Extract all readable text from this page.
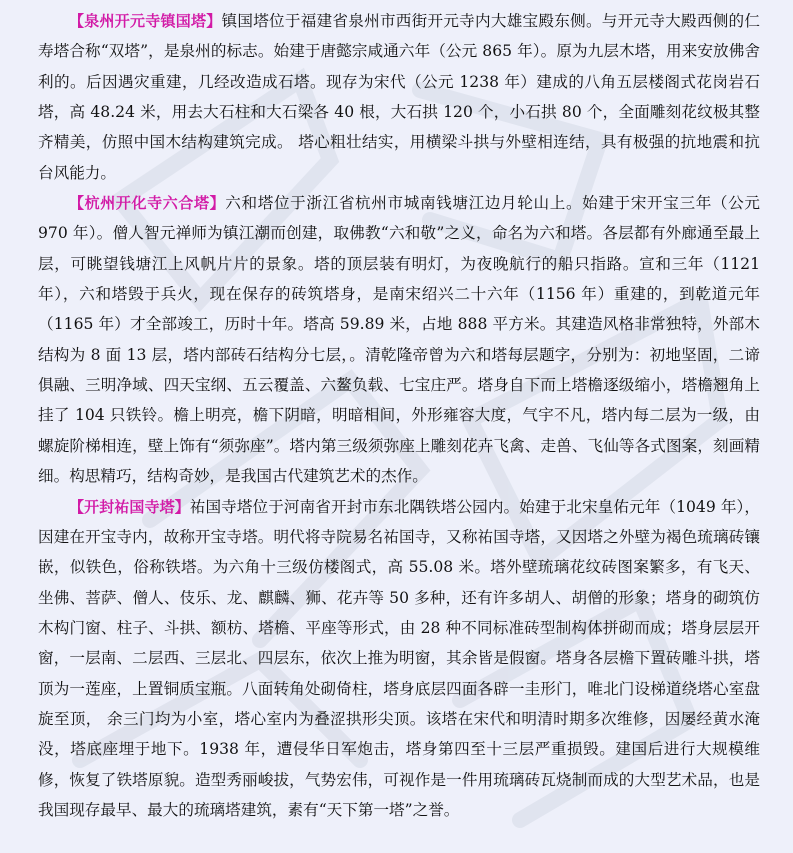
【泉州开元寺镇国塔】镇国塔位于福建省泉州市西街开元寺内大雄宝殿东侧。与开元寺大殿西侧的仁寿塔合称“双塔”，是泉州的标志。始建于唐懿宗咸通六年（公元 865 年）。原为九层木塔，用来安放佛舍利的。后因遇灾重建，几经改造成石塔。现存为宋代（公元 1238 年）建成的八角五层楼阁式花岗岩石塔，高 48.24 米，用去大石柱和大石梁各 40 根，大石拱 120 个，小石拱 80 个，全面雕刻花纹极其整齐精美，仿照中国木结构建筑完成。 塔心粗壮结实，用横梁斗拱与外壁相连结，具有极强的抗地震和抗台风能力。

【杭州开化寺六合塔】六和塔位于浙江省杭州市城南钱塘江边月轮山上。始建于宋开宝三年（公元 970 年）。僧人智元禅师为镇江潮而创建，取佛教“六和敬”之义，命名为六和塔。各层都有外廊通至最上层，可眺望钱塘江上风帆片片的景象。塔的顶层装有明灯，为夜晚航行的船只指路。宣和三年（1121 年），六和塔毁于兵火，现在保存的砖筑塔身，是南宋绍兴二十六年（1156 年）重建的，到乾道元年（1165 年）才全部竣工，历时十年。塔高 59.89 米，占地 888 平方米。其建造风格非常独特，外部木结构为 8 面 13 层，塔内部砖石结构分七层，。清乾隆帝曾为六和塔每层题字，分别为：初地坚固，二谛俱融、三明净域、四天宝纲、五云覆盖、六鳌负载、七宝庄严。塔身自下而上塔檐逐级缩小，塔檐翘角上挂了 104 只铁铃。檐上明亮，檐下阴暗，明暗相间，外形雍容大度，气宇不凡，塔内每二层为一级，由螺旋阶梯相连，壁上饰有“须弥座”。塔内第三级须弥座上雕刻花卉飞禽、走兽、飞仙等各式图案，刻画精细。构思精巧，结构奇妙，是我国古代建筑艺术的杰作。

【开封祐国寺塔】祐国寺塔位于河南省开封市东北隅铁塔公园内。始建于北宋皇佑元年（1049 年），因建在开宝寺内，故称开宝寺塔。明代将寺院易名祐国寺，又称祐国寺塔，又因塔之外壁为褐色琉璃砖镶嵌，似铁色，俗称铁塔。为六角十三级仿楼阁式，高 55.08 米。塔外壁琉璃花纹砖图案繁多，有飞天、坐佛、菩萨、僧人、伎乐、龙、麒麟、狮、花卉等 50 多种，还有许多胡人、胡僧的形象；塔身的砌筑仿木构门窗、柱子、斗拱、额枋、塔檐、平座等形式，由 28 种不同标准砖型制构体拼砌而成；塔身层层开窗，一层南、二层西、三层北、四层东，依次上推为明窗，其余皆是假窗。塔身各层檐下置砖雕斗拱，塔顶为一莲座，上置铜质宝瓶。八面转角处砌倚柱，塔身底层四面各辟一圭形门，唯北门设梯道绕塔心室盘旋至顶， 余三门均为小室，塔心室内为叠涩拱形尖顶。该塔在宋代和明清时期多次维修，因屡经黄水淹没，塔底座埋于地下。1938 年，遭侵华日军炮击，塔身第四至十三层严重损毁。建国后进行大规模维修，恢复了铁塔原貌。造型秀丽峻拔，气势宏伟，可视作是一件用琉璃砖瓦烧制而成的大型艺术品，也是我国现存最早、最大的琉璃塔建筑，素有“天下第一塔”之誉。
